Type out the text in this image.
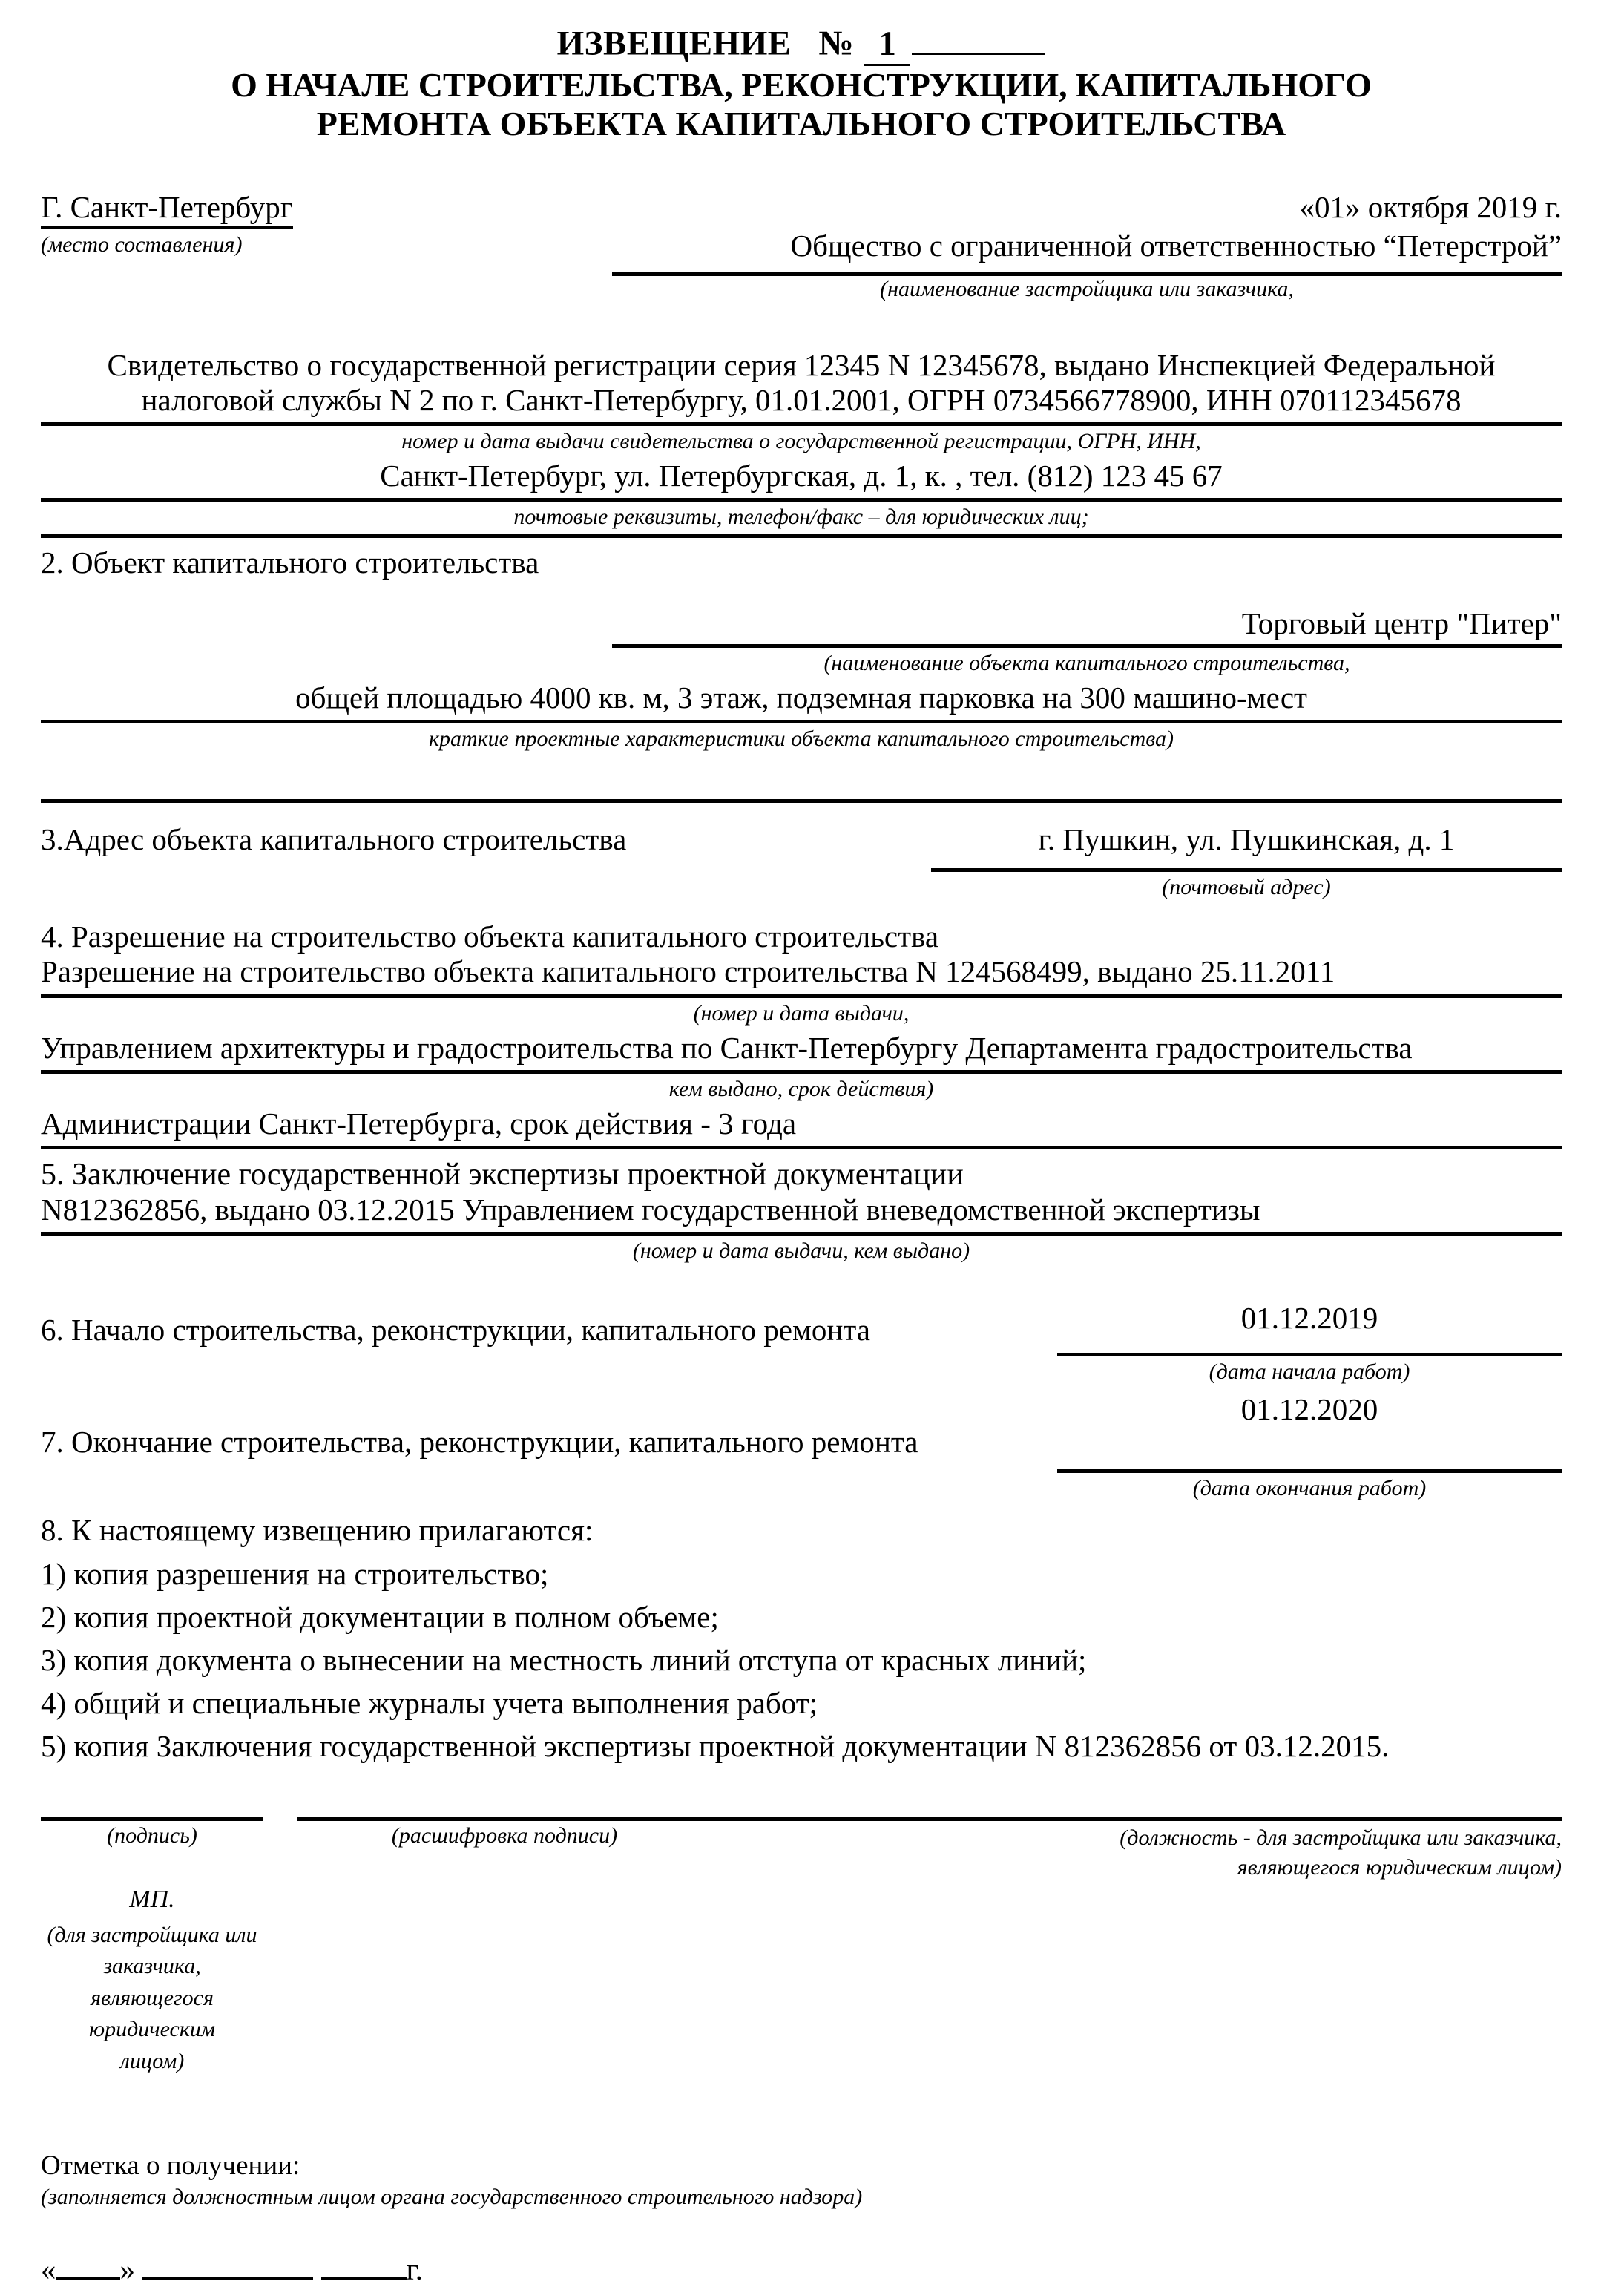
ИЗВЕЩЕНИЕ № 1
О НАЧАЛЕ СТРОИТЕЛЬСТВА, РЕКОНСТРУКЦИИ, КАПИТАЛЬНОГО
РЕМОНТА ОБЪЕКТА КАПИТАЛЬНОГО СТРОИТЕЛЬСТВА
Г. Санкт-Петербург
(место составления)
«01» октября 2019 г.
Общество с ограниченной ответственностью “Петерстрой”
(наименование застройщика или заказчика,
Свидетельство о государственной регистрации серия 12345 N 12345678, выдано Инспекцией Федеральной
налоговой службы N 2 по г. Санкт-Петербургу, 01.01.2001, ОГРН 0734566778900, ИНН 070112345678
номер и дата выдачи свидетельства о государственной регистрации, ОГРН, ИНН,
Санкт-Петербург, ул. Петербургская, д. 1, к. , тел. (812) 123 45 67
почтовые реквизиты, телефон/факс – для юридических лиц;
2. Объект капитального строительства
Торговый центр "Питер"
(наименование объекта капитального строительства,
общей площадью 4000 кв. м, 3 этаж, подземная парковка на 300 машино-мест
краткие проектные характеристики объекта капитального строительства)
3.Адрес объекта капитального строительства	г. Пушкин, ул. Пушкинская, д. 1
(почтовый адрес)
4. Разрешение на строительство объекта капитального строительства
Разрешение на строительство объекта капитального строительства N 124568499, выдано 25.11.2011
(номер и дата выдачи,
Управлением архитектуры и градостроительства по Санкт-Петербургу Департамента градостроительства
кем выдано, срок действия)
Администрации Санкт-Петербурга, срок действия - 3 года
5. Заключение государственной экспертизы проектной документации
N812362856, выдано 03.12.2015 Управлением государственной вневедомственной экспертизы
(номер и дата выдачи, кем выдано)
6. Начало строительства, реконструкции, капитального ремонта	01.12.2019
(дата начала работ)
7. Окончание строительства, реконструкции, капитального ремонта
01.12.2020
(дата окончания работ)
8. К настоящему извещению прилагаются:
1) копия разрешения на строительство;
2) копия проектной документации в полном объеме;
3) копия документа о вынесении на местность линий отступа от красных линий;
4) общий и специальные журналы учета выполнения работ;
5) копия Заключения государственной экспертизы проектной документации N 812362856 от 03.12.2015.
(подпись)	(расшифровка подписи)	(должность - для застройщика или заказчика,
являющегося юридическим лицом)
МП.
(для застройщика или заказчика,
являющегося юридическим
лицом)
Отметка о получении:
(заполняется должностным лицом органа государственного строительного надзора)
« »	г.
